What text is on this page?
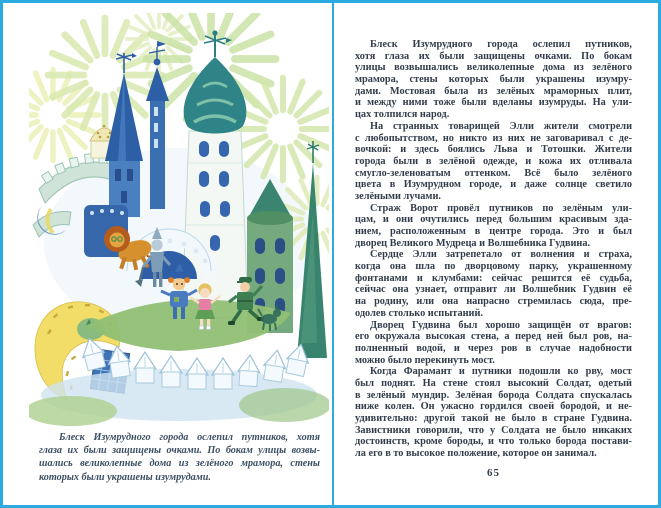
Блеск Изумрудного города ослепил путников, хотя
глаза их были защищены очками. По бокам улицы возвы-
шались великолепные дома из зелёного мрамора, стены
которых были украшены изумрудами.
Блеск Изумрудного города ослепил путников,
хотя глаза их были защищены очками. По бокам
улицы возвышались великолепные дома из зелёного
мрамора, стены которых были украшены изумру-
дами. Мостовая была из зелёных мраморных плит,
и между ними тоже были вделаны изумруды. На ули-
цах толпился народ.
На странных товарищей Элли жители смотрели
с любопытством, но никто из них не заговаривал с де-
вочкой: и здесь боялись Льва и Тотошки. Жители
города были в зелёной одежде, и кожа их отливала
смугло-зеленоватым оттенком. Всё было зелёного
цвета в Изумрудном городе, и даже солнце светило
зелёными лучами.
Страж Ворот провёл путников по зелёным ули-
цам, и они очутились перед большим красивым зда-
нием, расположенным в центре города. Это и был
дворец Великого Мудреца и Волшебника Гудвина.
Сердце Элли затрепетало от волнения и страха,
когда она шла по дворцовому парку, украшенному
фонтанами и клумбами: сейчас решится её судьба,
сейчас она узнает, отправит ли Волшебник Гудвин её
на родину, или она напрасно стремилась сюда, пре-
одолев столько испытаний.
Дворец Гудвина был хорошо защищён от врагов:
его окружала высокая стена, а перед ней был ров, на-
полненный водой, и через ров в случае надобности
можно было перекинуть мост.
Когда Фарамант и путники подошли ко рву, мост
был поднят. На стене стоял высокий Солдат, одетый
в зелёный мундир. Зелёная борода Солдата спускалась
ниже колен. Он ужасно гордился своей бородой, и не-
удивительно: другой такой не было в стране Гудвина.
Завистники говорили, что у Солдата не было никаких
достоинств, кроме бороды, и что только борода постави-
ла его в то высокое положение, которое он занимал.
65
